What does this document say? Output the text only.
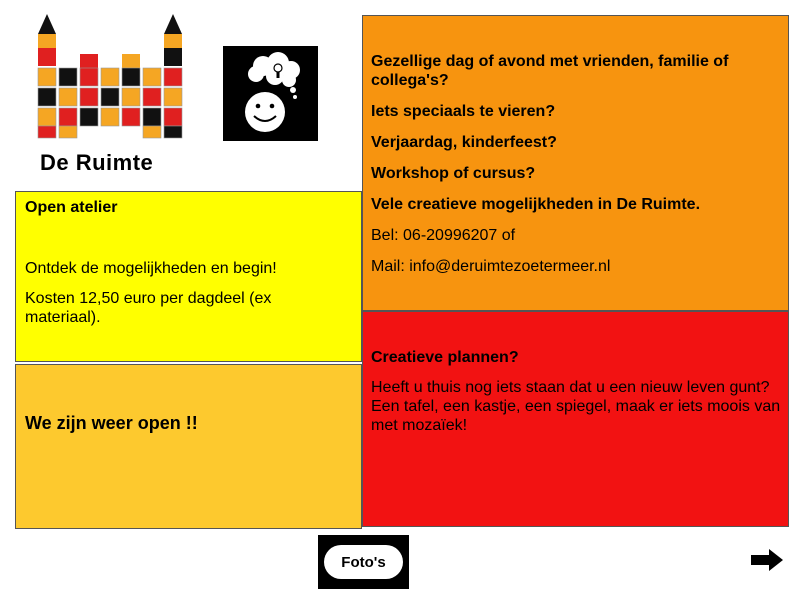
De Ruimte

Open atelier

Ontdek de mogelijkheden en begin!

Kosten 12,50 euro per dagdeel (ex materiaal).

We zijn weer open !!

Gezellige dag of avond met vrienden, familie of collega's?

Iets speciaals te vieren?

Verjaardag, kinderfeest?

Workshop of cursus?

Vele creatieve mogelijkheden in De Ruimte.

Bel: 06-20996207 of

Mail: info@deruimtezoetermeer.nl

Creatieve plannen?

Heeft u thuis nog iets staan dat u een nieuw leven gunt? Een tafel, een kastje, een spiegel, maak er iets moois van met mozaïek!

Foto's
